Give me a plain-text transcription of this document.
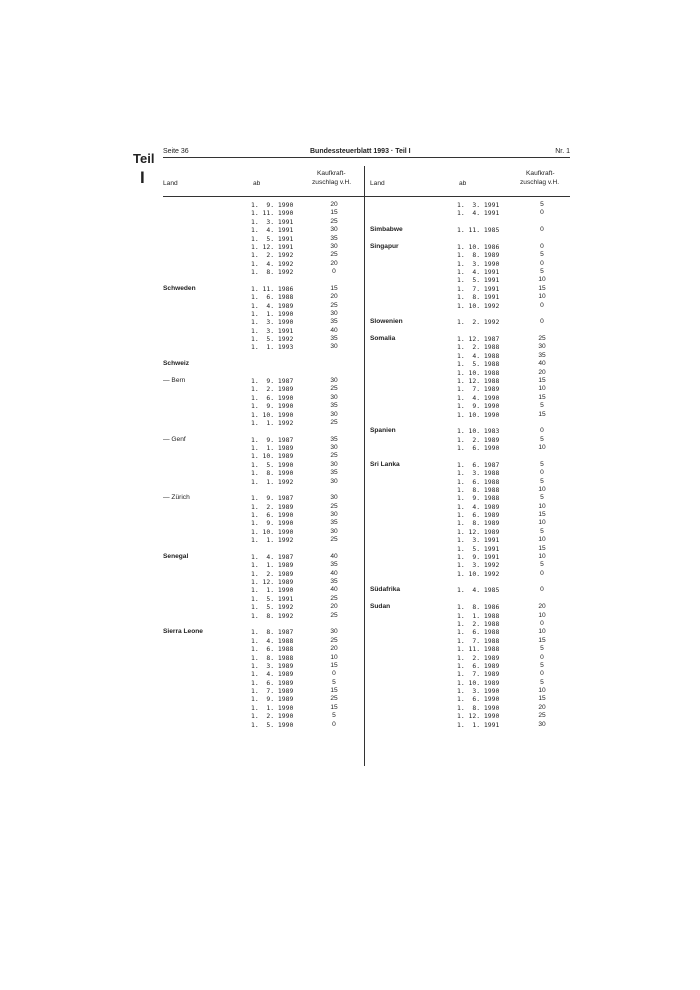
Teil
I
Seite 36	Bundessteuerblatt 1993 · Teil I	Nr. 1
Land	ab
Kaufkraft-
zuschlag v.H.	Land	ab
Kaufkraft-
zuschlag v.H.
1.  9. 1990	20
1. 11. 1990	15
1.  3. 1991	25
1.  4. 1991	30
1.  5. 1991	35
1. 12. 1991	30
1.  2. 1992	25
1.  4. 1992	20
1.  8. 1992	0
Schweden	1. 11. 1986	15
1.  6. 1988	20
1.  4. 1989	25
1.  1. 1990	30
1.  3. 1990	35
1.  3. 1991	40
1.  5. 1992	35
1.  1. 1993	30
Schweiz
— Bern	1.  9. 1987	30
1.  2. 1989	25
1.  6. 1990	30
1.  9. 1990	35
1. 10. 1990	30
1.  1. 1992	25
— Genf	1.  9. 1987	35
1.  1. 1989	30
1. 10. 1989	25
1.  5. 1990	30
1.  8. 1990	35
1.  1. 1992	30
— Zürich	1.  9. 1987	30
1.  2. 1989	25
1.  6. 1990	30
1.  9. 1990	35
1. 10. 1990	30
1.  1. 1992	25
Senegal	1.  4. 1987	40
1.  1. 1989	35
1.  2. 1989	40
1. 12. 1989	35
1.  1. 1990	40
1.  5. 1991	25
1.  5. 1992	20
1.  8. 1992	25
Sierra Leone	1.  8. 1987	30
1.  4. 1988	25
1.  6. 1988	20
1.  8. 1988	10
1.  3. 1989	15
1.  4. 1989	0
1.  6. 1989	5
1.  7. 1989	15
1.  9. 1989	25
1.  1. 1990	15
1.  2. 1990	5
1.  5. 1990	0
1.  3. 1991	5
1.  4. 1991	0
Simbabwe	1. 11. 1985	0
Singapur	1. 10. 1986	0
1.  8. 1989	5
1.  3. 1990	0
1.  4. 1991	5
1.  5. 1991	10
1.  7. 1991	15
1.  8. 1991	10
1. 10. 1992	0
Slowenien	1.  2. 1992	0
Somalia	1. 12. 1987	25
1.  2. 1988	30
1.  4. 1988	35
1.  5. 1988	40
1. 10. 1988	20
1. 12. 1988	15
1.  7. 1989	10
1.  4. 1990	15
1.  9. 1990	5
1. 10. 1990	15
Spanien	1. 10. 1983	0
1.  2. 1989	5
1.  6. 1990	10
Sri Lanka	1.  6. 1987	5
1.  3. 1988	0
1.  6. 1988	5
1.  8. 1988	10
1.  9. 1988	5
1.  4. 1989	10
1.  6. 1989	15
1.  8. 1989	10
1. 12. 1989	5
1.  3. 1991	10
1.  5. 1991	15
1.  9. 1991	10
1.  3. 1992	5
1. 10. 1992	0
Südafrika	1.  4. 1985	0
Sudan	1.  8. 1986	20
1.  1. 1988	10
1.  2. 1988	0
1.  6. 1988	10
1.  7. 1988	15
1. 11. 1988	5
1.  2. 1989	0
1.  6. 1989	5
1.  7. 1989	0
1. 10. 1989	5
1.  3. 1990	10
1.  6. 1990	15
1.  8. 1990	20
1. 12. 1990	25
1.  1. 1991	30
